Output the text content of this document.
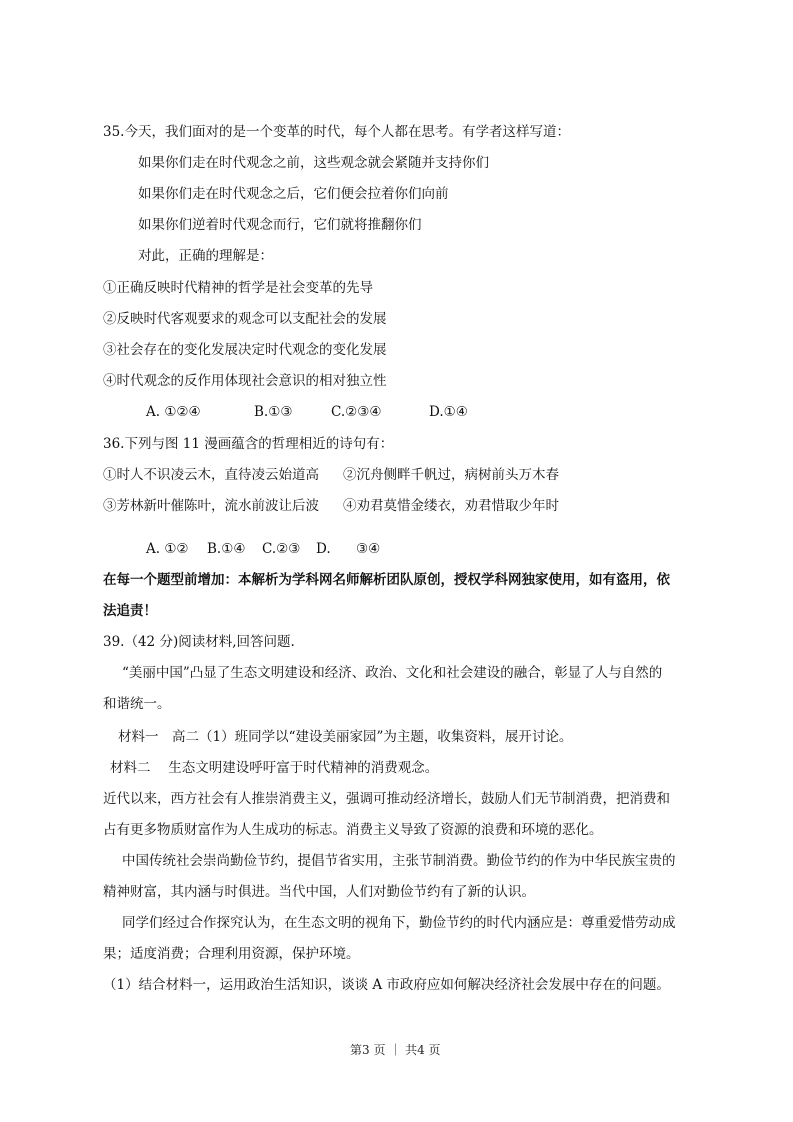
35.今天，我们面对的是一个变革的时代，每个人都在思考。有学者这样写道：

如果你们走在时代观念之前，这些观念就会紧随并支持你们

如果你们走在时代观念之后，它们便会拉着你们向前

如果你们逆着时代观念而行，它们就将推翻你们

对此，正确的理解是：

①正确反映时代精神的哲学是社会变革的先导

②反映时代客观要求的观念可以支配社会的发展

③社会存在的变化发展决定时代观念的变化发展

④时代观念的反作用体现社会意识的相对独立性

A. ①②④	B.①③	C.②③④	D.①④

36.下列与图 11 漫画蕴含的哲理相近的诗句有：

①时人不识凌云木，直待凌云始道高 ②沉舟侧畔千帆过，病树前头万木春

③芳林新叶催陈叶，流水前波让后波 ④劝君莫惜金缕衣，劝君惜取少年时

A. ①② B.①④ C.②③ D. ③④

在每一个题型前增加：本解析为学科网名师解析团队原创，授权学科网独家使用，如有盗用，依

法追责！

39.（42 分)阅读材料,回答问题.

“美丽中国”凸显了生态文明建设和经济、政治、文化和社会建设的融合，彰显了人与自然的

和谐统一。

材料一　高二（1）班同学以“建设美丽家园”为主题，收集资料，展开讨论。

材料二　 生态文明建设呼吁富于时代精神的消费观念。

近代以来，西方社会有人推崇消费主义，强调可推动经济增长，鼓励人们无节制消费，把消费和

占有更多物质财富作为人生成功的标志。消费主义导致了资源的浪费和环境的恶化。

中国传统社会崇尚勤俭节约，提倡节省实用，主张节制消费。勤俭节约的作为中华民族宝贵的

精神财富，其内涵与时俱进。当代中国，人们对勤俭节约有了新的认识。

同学们经过合作探究认为，在生态文明的视角下，勤俭节约的时代内涵应是：尊重爱惜劳动成

果；适度消费；合理利用资源，保护环境。

（1）结合材料一，运用政治生活知识，谈谈 A 市政府应如何解决经济社会发展中存在的问题。

第3 页 ｜ 共4 页
